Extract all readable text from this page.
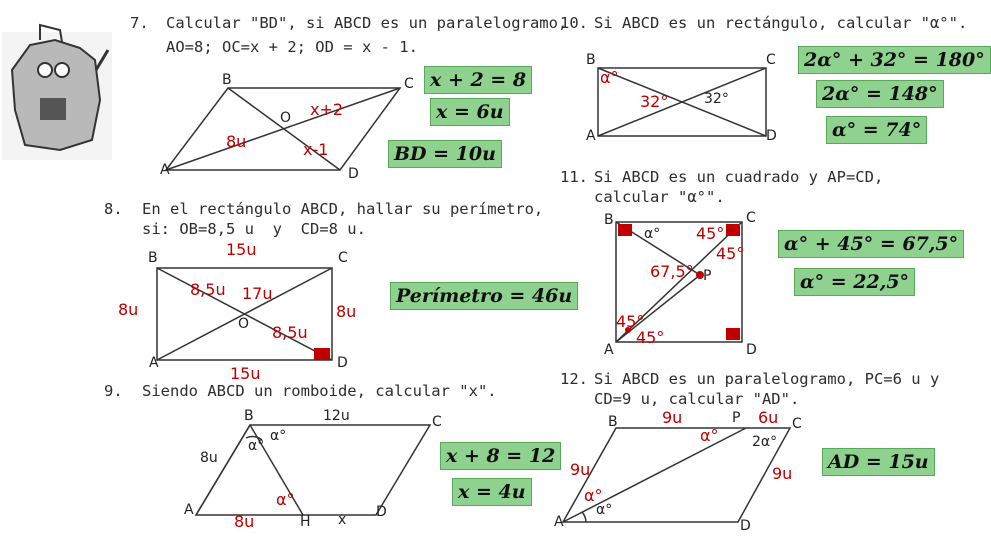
7. Calcular "BD", si ABCD es un paralelogramo,
AO=8; OC=x + 2; OD = x - 1.
B	C
A	D
O x+2
8u	x-1
x + 2 = 8
x = 6u
BD = 10u
8. En el rectángulo ABCD, hallar su perímetro,
si: OB=8,5 u  y  CD=8 u.
15u
15u
8u	8u
8,5u 17u
8,5u
B	C
A	D
O
Perímetro = 46u
9. Siendo ABCD un romboide, calcular "x".
B	C
A	D
H x
12u
8u
8u
α°
α°
α°
x + 8 = 12
x = 4u
10. Si ABCD es un rectángulo, calcular "α°".
B	C
A	D
α°
32°	32°
2α° + 32° = 180°
2α° = 148°
α° = 74°
11. Si ABCD es un cuadrado y AP=CD,
calcular "α°".
B	C
A	D
P
α° 45°
45°
67,5°
45°
45°
α° + 45° = 67,5°
α° = 22,5°
12. Si ABCD es un paralelogramo, PC=6 u y
CD=9 u, calcular "AD".
B	P	C
A	D
9u	6u
9u	9u
α° 2α°
α°
α°
AD = 15u
